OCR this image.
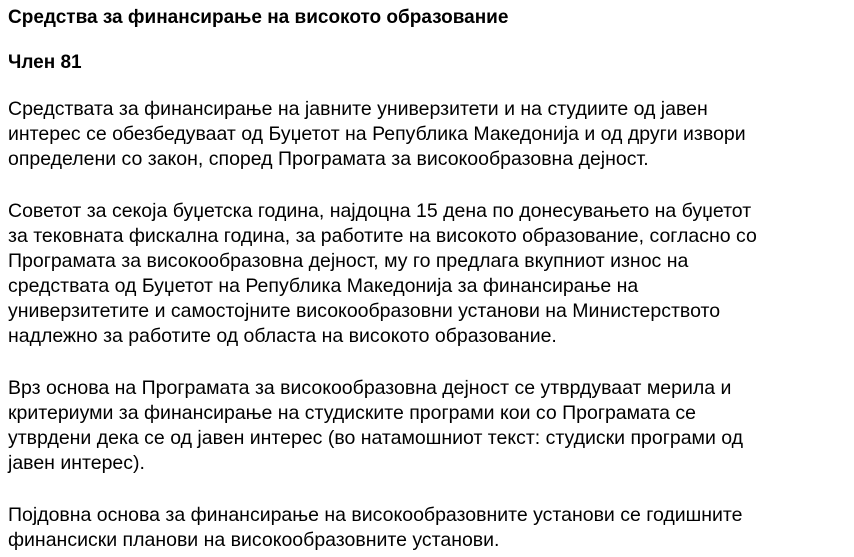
Средства за финансирање на високото образование
Член 81

Средствата за финансирање на јавните универзитети и на студиите од јавен
интерес се обезбедуваат од Буџетот на Република Македонија и од други извори
определени со закон, според Програмата за високообразовна дејност.

Советот за секоја буџетска година, најдоцна 15 дена по донесувањето на буџетот
за тековната фискална година, за работите на високото образование, согласно со
Програмата за високообразовна дејност, му го предлага вкупниот износ на
средствата од Буџетот на Република Македонија за финансирање на
универзитетите и самостојните високообразовни установи на Министерството
надлежно за работите од областа на високото образование.

Врз основа на Програмата за високообразовна дејност се утврдуваат мерила и
критериуми за финансирање на студиските програми кои со Програмата се
утврдени дека се од јавен интерес (во натамошниот текст: студиски програми од
јавен интерес).

Појдовна основа за финансирање на високообразовните установи се годишните
финансиски планови на високообразовните установи.
